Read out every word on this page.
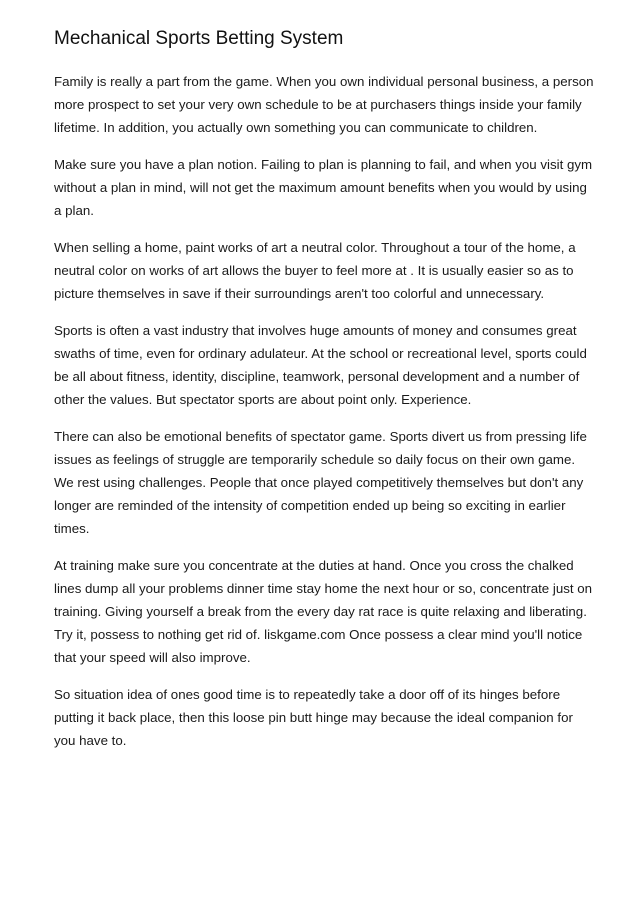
Mechanical Sports Betting System

Family is really a part from the game. When you own individual personal business, a person more prospect to set your very own schedule to be at purchasers things inside your family lifetime. In addition, you actually own something you can communicate to children.

Make sure you have a plan notion. Failing to plan is planning to fail, and when you visit gym without a plan in mind, will not get the maximum amount benefits when you would by using a plan.

When selling a home, paint works of art a neutral color. Throughout a tour of the home, a neutral color on works of art allows the buyer to feel more at . It is usually easier so as to picture themselves in save if their surroundings aren't too colorful and unnecessary.

Sports is often a vast industry that involves huge amounts of money and consumes great swaths of time, even for ordinary adulateur. At the school or recreational level, sports could be all about fitness, identity, discipline, teamwork, personal development and a number of other the values. But spectator sports are about point only. Experience.

There can also be emotional benefits of spectator game. Sports divert us from pressing life issues as feelings of struggle are temporarily schedule so daily focus on their own game. We rest using challenges. People that once played competitively themselves but don't any longer are reminded of the intensity of competition ended up being so exciting in earlier times.

At training make sure you concentrate at the duties at hand. Once you cross the chalked lines dump all your problems dinner time stay home the next hour or so, concentrate just on training. Giving yourself a break from the every day rat race is quite relaxing and liberating. Try it, possess to nothing get rid of. liskgame.com Once possess a clear mind you'll notice that your speed will also improve.

So situation idea of ones good time is to repeatedly take a door off of its hinges before putting it back place, then this loose pin butt hinge may because the ideal companion for you have to.
